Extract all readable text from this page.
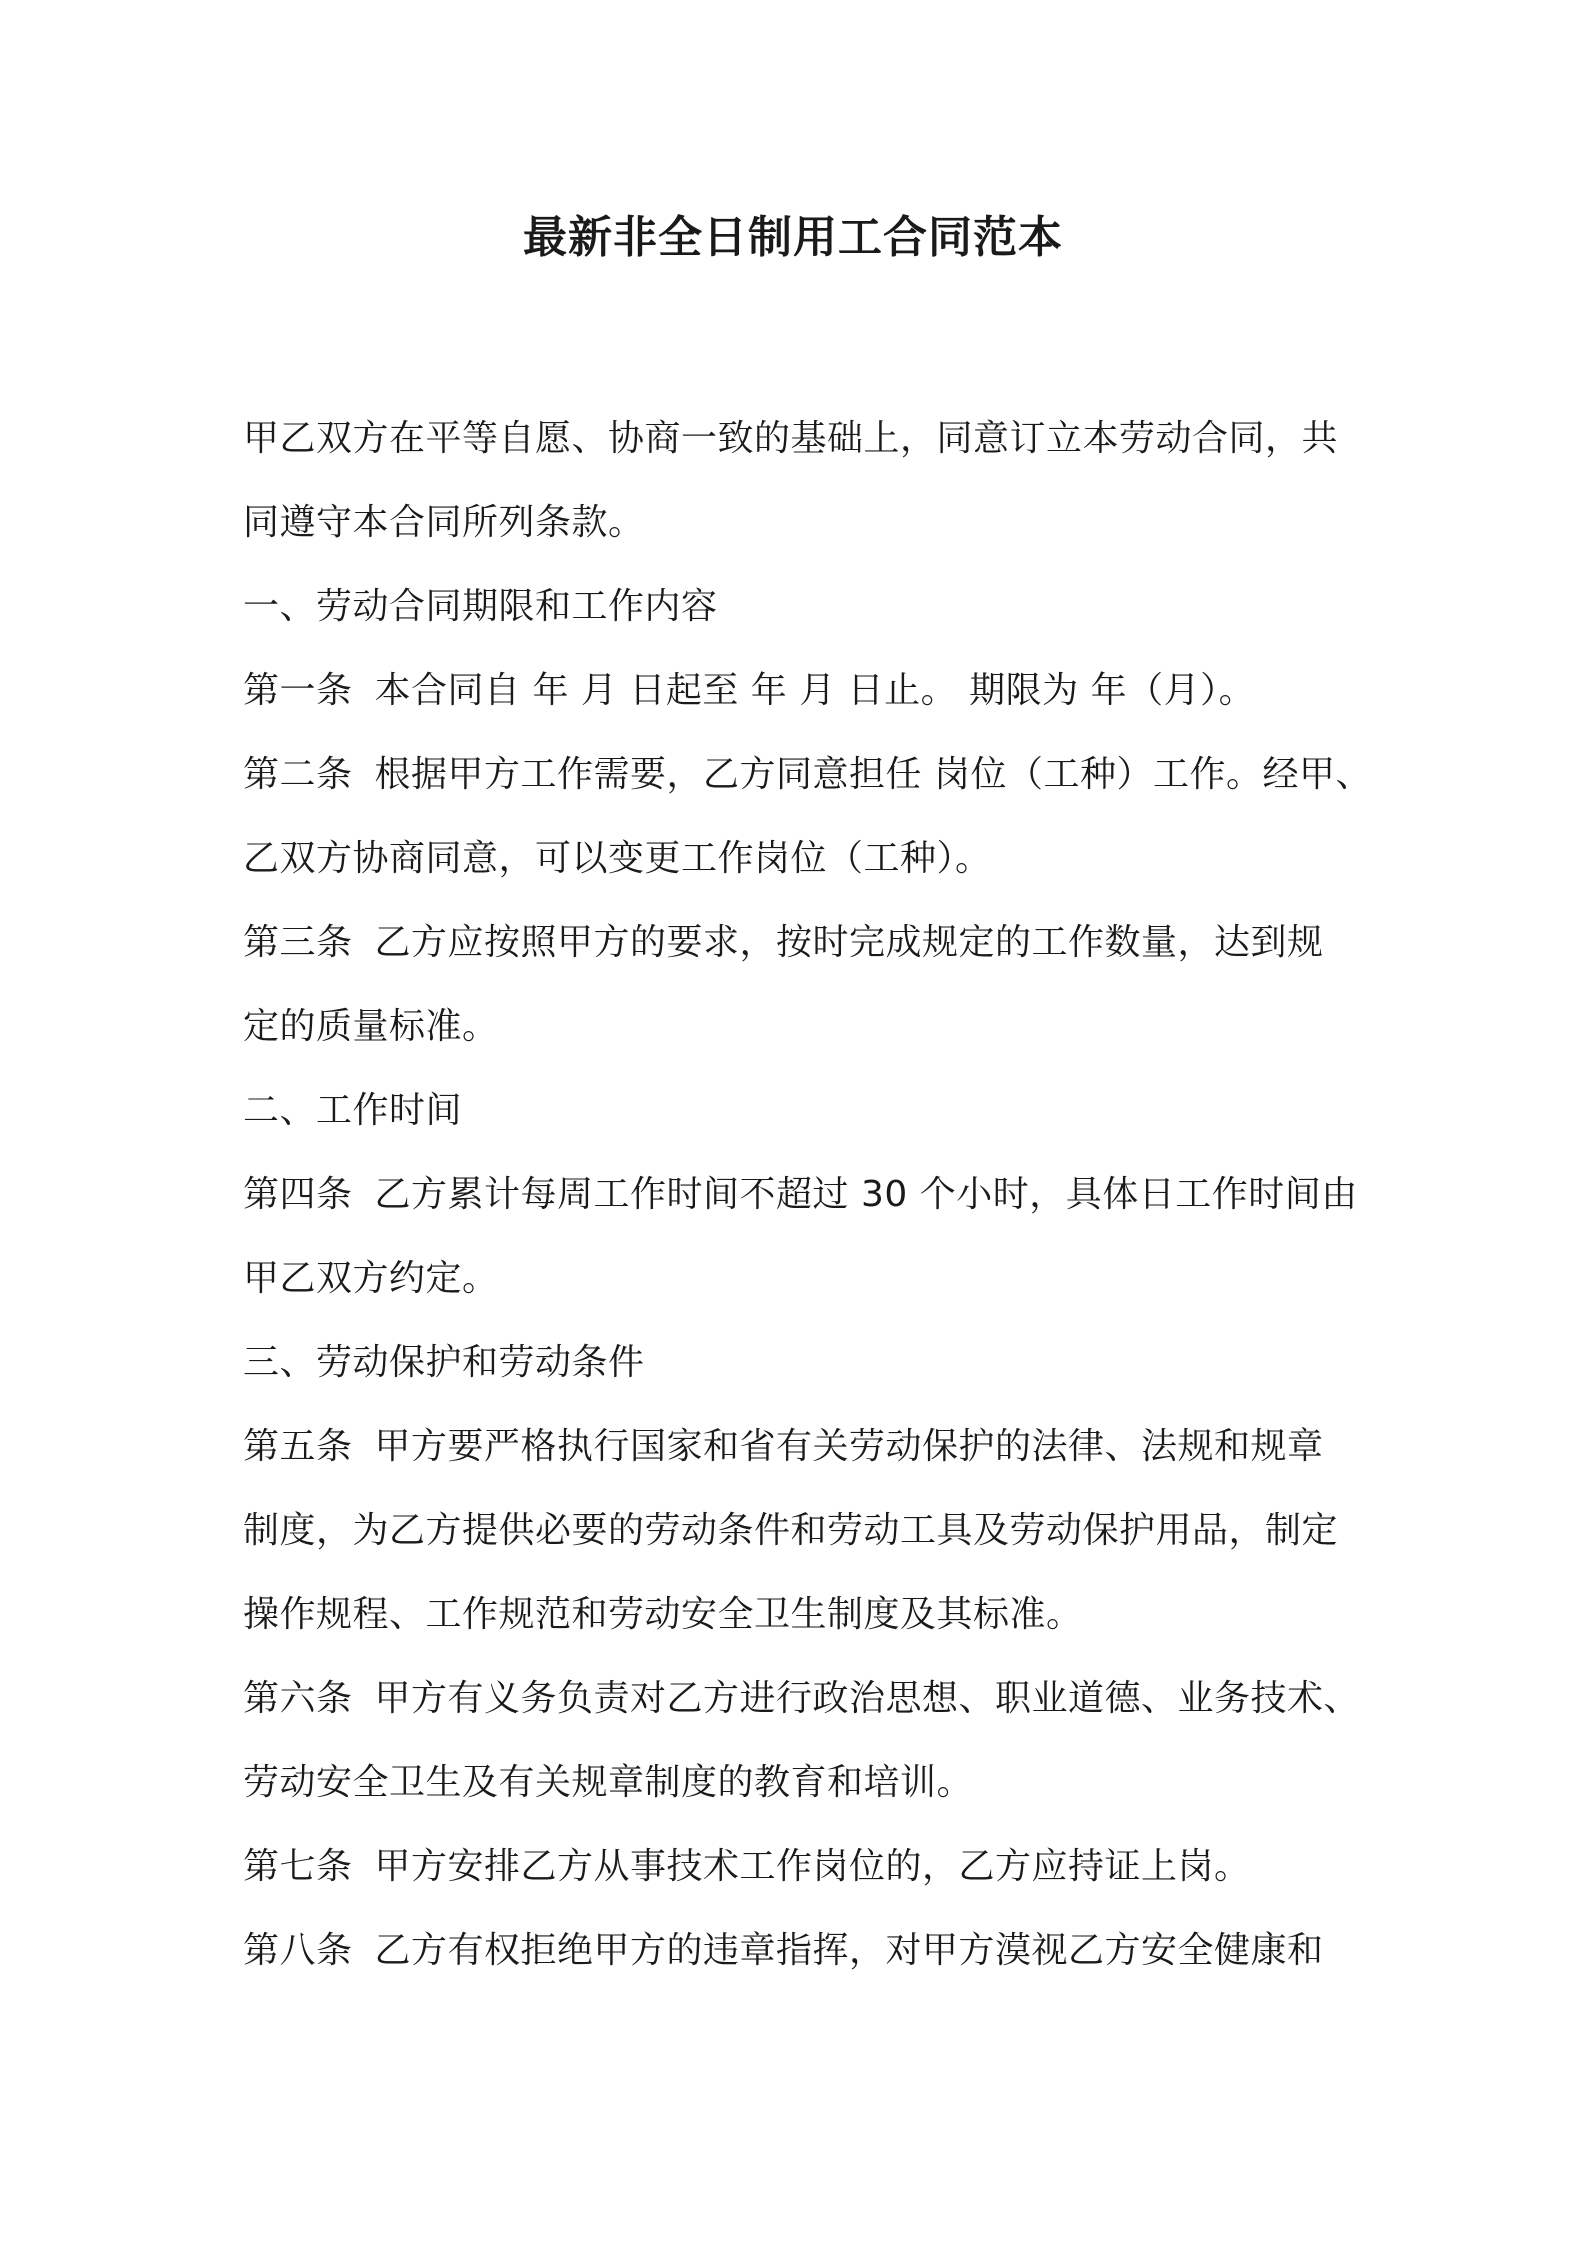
最新非全日制用工合同范本
甲乙双方在平等自愿、协商一致的基础上，同意订立本劳动合同，共
同遵守本合同所列条款。
一、劳动合同期限和工作内容
第一条 本合同自 年 月 日起至 年 月 日止。 期限为 年（月）。
第二条 根据甲方工作需要，乙方同意担任 岗位（工种）工作。经甲、
乙双方协商同意，可以变更工作岗位（工种）。
第三条 乙方应按照甲方的要求，按时完成规定的工作数量，达到规
定的质量标准。
二、工作时间
第四条 乙方累计每周工作时间不超过 30 个小时，具体日工作时间由
甲乙双方约定。
三、劳动保护和劳动条件
第五条 甲方要严格执行国家和省有关劳动保护的法律、法规和规章
制度，为乙方提供必要的劳动条件和劳动工具及劳动保护用品，制定
操作规程、工作规范和劳动安全卫生制度及其标准。
第六条 甲方有义务负责对乙方进行政治思想、职业道德、业务技术、
劳动安全卫生及有关规章制度的教育和培训。
第七条 甲方安排乙方从事技术工作岗位的，乙方应持证上岗。
第八条 乙方有权拒绝甲方的违章指挥，对甲方漠视乙方安全健康和
